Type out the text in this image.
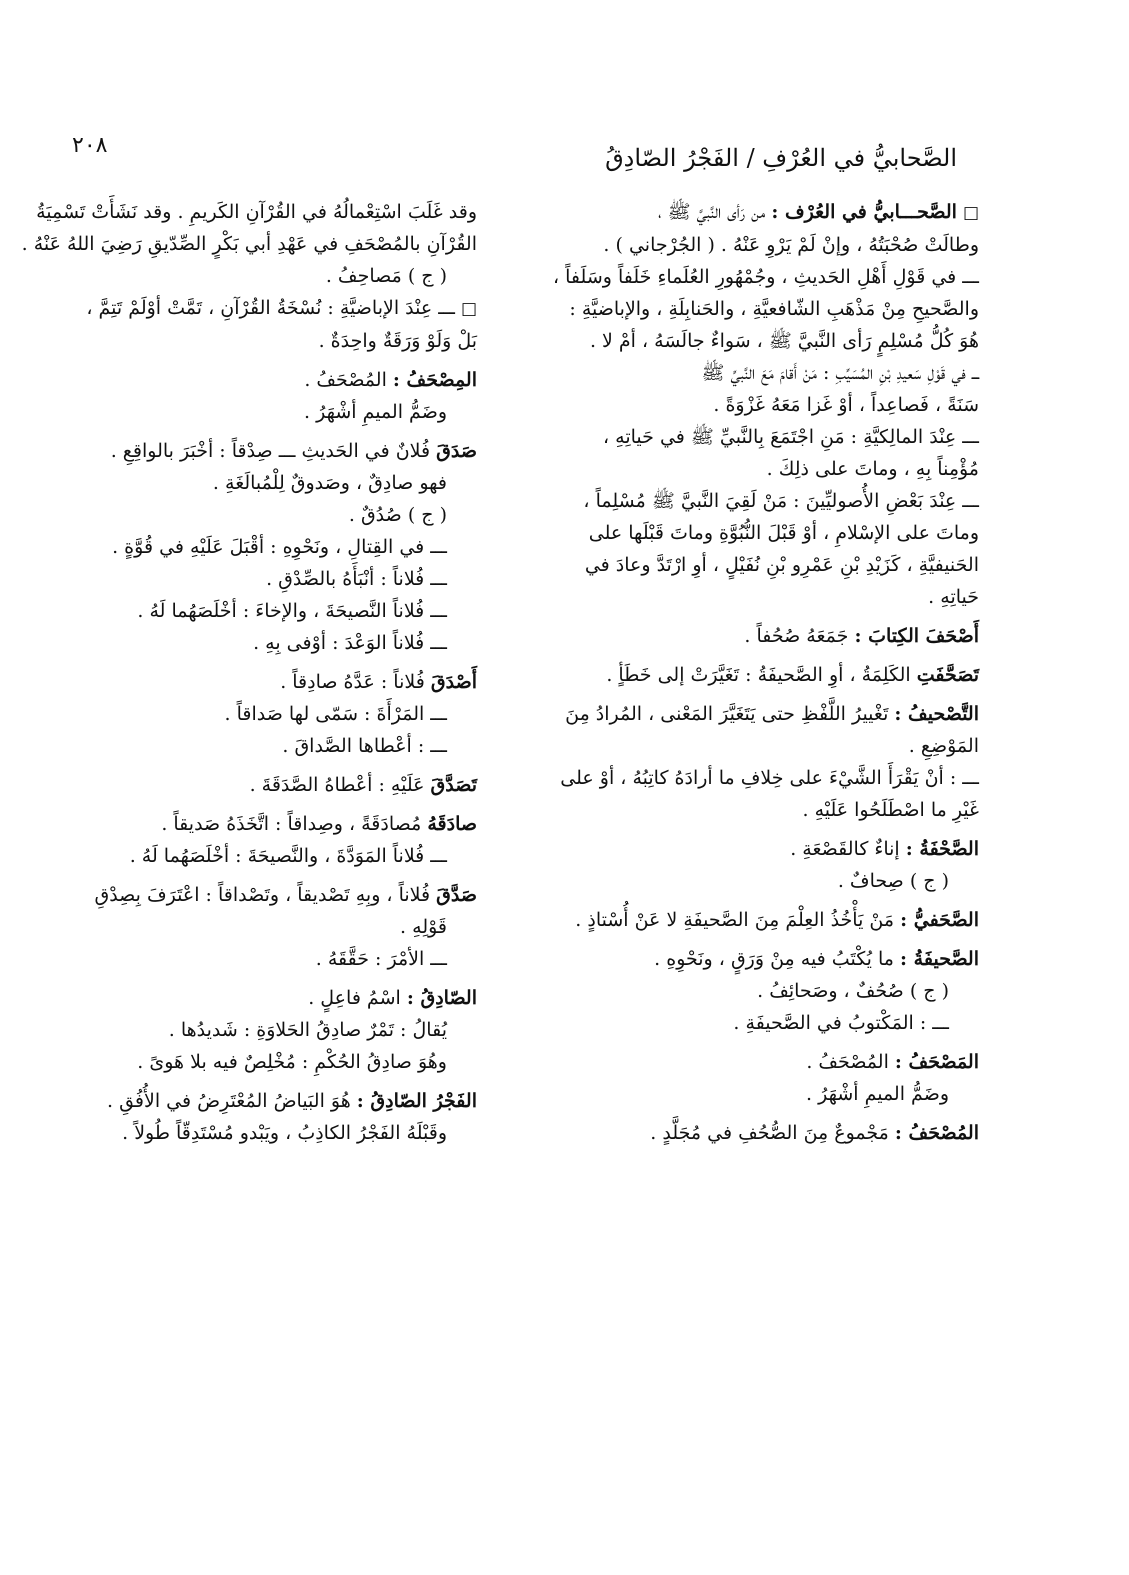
٢٠٨	الصَّحابيُّ في العُرْفِ / الفَجْرُ الصّادِقُ
□الصَّحـــابيُّ في العُرْف : من رَأى النَّبيَّ ﷺ ،
وطالَتْ صُحْبَتُهُ ، وإنْ لَمْ يَرْوِ عَنْهُ . ( الجُرْجاني ) .
ـــ في قَوْلِ أَهْلِ الحَديثِ ، وجُمْهُورِ العُلَماءِ خَلَفاً وسَلَفاً ،
والصَّحيحِ مِنْ مَذْهَبِ الشّافعيَّةِ ، والحَنابِلَةِ ، والإباضيَّةِ :
هُوَ كُلُّ مُسْلِمٍ رَأى النَّبيَّ ﷺ ، سَواءٌ جالَسَهُ ، أمْ لا .
ـــ في قَوْلِ سَعيدِ بْنِ المُسَيِّبِ : مَنْ أَقامَ مَعَ النَّبيِّ ﷺ
سَنَةً ، فَصاعِداً ، أوْ غَزا مَعَهُ غَزْوَةً .
ـــ عِنْدَ المالِكيَّةِ : مَنِ اجْتَمَعَ بِالنَّبيِّ ﷺ في حَياتِهِ ،
مُؤْمِناً بِهِ ، وماتَ على ذلِكَ .
ـــ عِنْدَ بَعْضِ الأُصوليِّينَ : مَنْ لَقِيَ النَّبيَّ ﷺ مُسْلِماً ،
وماتَ على الإسْلامِ ، أوْ قَبْلَ النُّبُوَّةِ وماتَ قَبْلَها على
الحَنيفيَّةِ ، كَزَيْدِ بْنِ عَمْرِو بْنِ نُفَيْلٍ ، أوِ ارْتَدَّ وعادَ في
حَياتِهِ .
أَصْحَفَ الكِتابَ : جَمَعَهُ صُحُفاً .
تَصَحَّفَتِ الكَلِمَةُ ، أوِ الصَّحيفَةُ : تَغَيَّرَتْ إلى خَطَأٍ .
التَّصْحيفُ : تَغْييرُ اللَّفْظِ حتى يَتَغَيَّرَ المَعْنى ، المُرادُ مِنَ
المَوْضِعِ .
ـــ : أنْ يَقْرَأَ الشَّيْءَ على خِلافِ ما أرادَهُ كاتِبُهُ ، أوْ على
غَيْرِ ما اصْطَلَحُوا عَلَيْهِ .
الصَّحْفَةُ : إناءٌ كالقَصْعَةِ .
( ج ) صِحافٌ .
الصَّحَفيُّ : مَنْ يَأْخُذُ العِلْمَ مِنَ الصَّحيفَةِ لا عَنْ أُسْتاذٍ .
الصَّحيفَةُ : ما يُكْتَبُ فيه مِنْ وَرَقٍ ، ونَحْوِهِ .
( ج ) صُحُفٌ ، وصَحائِفُ .
ـــ : المَكْتوبُ في الصَّحيفَةِ .
المَصْحَفُ : المُصْحَفُ .
وضَمُّ الميمِ أشْهَرُ .
المُصْحَفُ : مَجْموعٌ مِنَ الصُّحُفِ في مُجَلَّدٍ .
وقد غَلَبَ اسْتِعْمالُهُ في القُرْآنِ الكَريمِ . وقد نَشَأَتْ تَسْمِيَةُ
القُرْآنِ بالمُصْحَفِ في عَهْدِ أبي بَكْرٍ الصِّدّيقِ رَضِيَ اللهُ عَنْهُ .
( ج ) مَصاحِفُ .
□ـــ عِنْدَ الإباضيَّةِ : نُسْخَةُ القُرْآنِ ، تَمَّتْ أوْلَمْ تَتِمَّ ،
بَلْ وَلَوْ وَرَقَةٌ واحِدَةٌ .
المِصْحَفُ : المُصْحَفُ .
وضَمُّ الميمِ أشْهَرُ .
صَدَقَ فُلانٌ في الحَديثِ ـــ صِدْقاً : أخْبَرَ بالواقِعِ .
فهو صادِقٌ ، وصَدوقٌ لِلْمُبالَغَةِ .
( ج ) صُدُقٌ .
ـــ في القِتالِ ، ونَحْوِهِ : أقْبَلَ عَلَيْهِ في قُوَّةٍ .
ـــ فُلاناً : أنْبَأَهُ بالصِّدْقِ .
ـــ فُلاناً النَّصيحَةَ ، والإخاءَ : أخْلَصَهُما لَهُ .
ـــ فُلاناً الوَعْدَ : أوْفى بِهِ .
أَصْدَقَ فُلاناً : عَدَّهُ صادِقاً .
ـــ المَرْأَةَ : سَمّى لها صَداقاً .
ـــ : أعْطاها الصَّداقَ .
تَصَدَّقَ عَلَيْهِ : أعْطاهُ الصَّدَقَةَ .
صادَقَهُ مُصادَقَةً ، وصِداقاً : اتَّخَذَهُ صَديقاً .
ـــ فُلاناً المَوَدَّةَ ، والنَّصيحَةَ : أخْلَصَهُما لَهُ .
صَدَّقَ فُلاناً ، وبِهِ تَصْديقاً ، وتَصْداقاً : اعْتَرَفَ بِصِدْقِ
قَوْلِهِ .
ـــ الأمْرَ : حَقَّقَهُ .
الصّادِقُ : اسْمُ فاعِلٍ .
يُقالُ : تَمْرٌ صادِقُ الحَلاوَةِ : شَديدُها .
وهُوَ صادِقُ الحُكْمِ : مُخْلِصٌ فيه بلا هَوىً .
الفَجْرُ الصّادِقُ : هُوَ البَياضُ المُعْتَرِضُ في الأُفُقِ .
وقَبْلَهُ الفَجْرُ الكاذِبُ ، ويَبْدو مُسْتَدِقّاً طُولاً .
